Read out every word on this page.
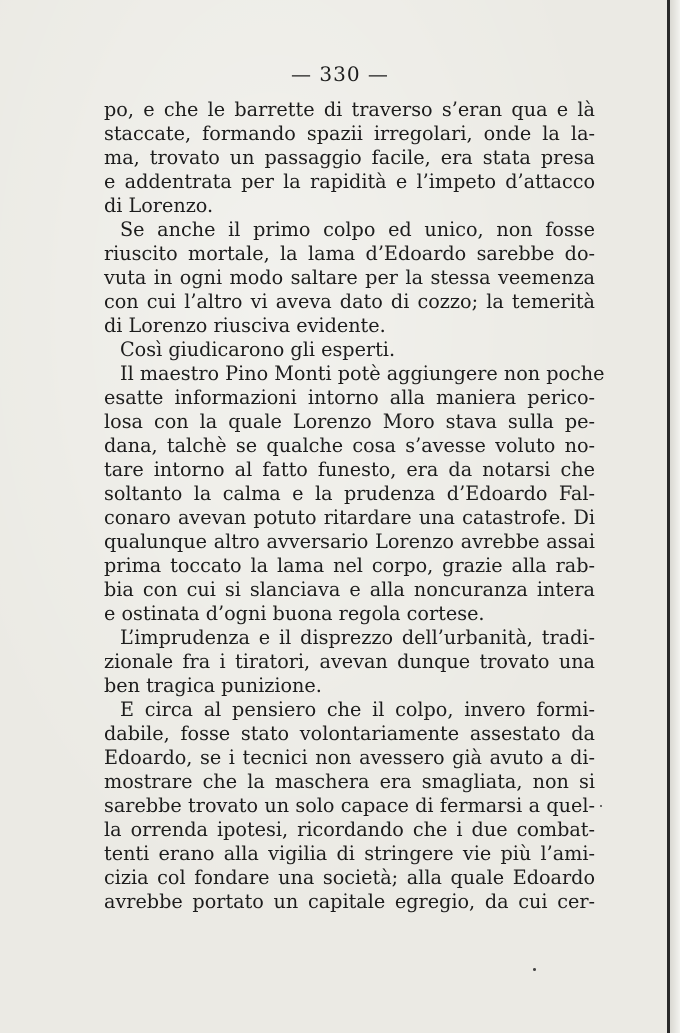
— 330 —
po, e che le barrette di traverso s’eran qua e là
staccate, formando spazii irregolari, onde la la-
ma, trovato un passaggio facile, era stata presa
e addentrata per la rapidità e l’impeto d’attacco
di Lorenzo.
Se anche il primo colpo ed unico, non fosse
riuscito mortale, la lama d’Edoardo sarebbe do-
vuta in ogni modo saltare per la stessa veemenza
con cui l’altro vi aveva dato di cozzo; la temerità
di Lorenzo riusciva evidente.
Così giudicarono gli esperti.
Il maestro Pino Monti potè aggiungere non poche
esatte informazioni intorno alla maniera perico-
losa con la quale Lorenzo Moro stava sulla pe-
dana, talchè se qualche cosa s’avesse voluto no-
tare intorno al fatto funesto, era da notarsi che
soltanto la calma e la prudenza d’Edoardo Fal-
conaro avevan potuto ritardare una catastrofe. Di
qualunque altro avversario Lorenzo avrebbe assai
prima toccato la lama nel corpo, grazie alla rab-
bia con cui si slanciava e alla noncuranza intera
e ostinata d’ogni buona regola cortese.
L’imprudenza e il disprezzo dell’urbanità, tradi-
zionale fra i tiratori, avevan dunque trovato una
ben tragica punizione.
E circa al pensiero che il colpo, invero formi-
dabile, fosse stato volontariamente assestato da
Edoardo, se i tecnici non avessero già avuto a di-
mostrare che la maschera era smagliata, non si
sarebbe trovato un solo capace di fermarsi a quel-
la orrenda ipotesi, ricordando che i due combat-
tenti erano alla vigilia di stringere vie più l’ami-
cizia col fondare una società; alla quale Edoardo
avrebbe portato un capitale egregio, da cui cer-
